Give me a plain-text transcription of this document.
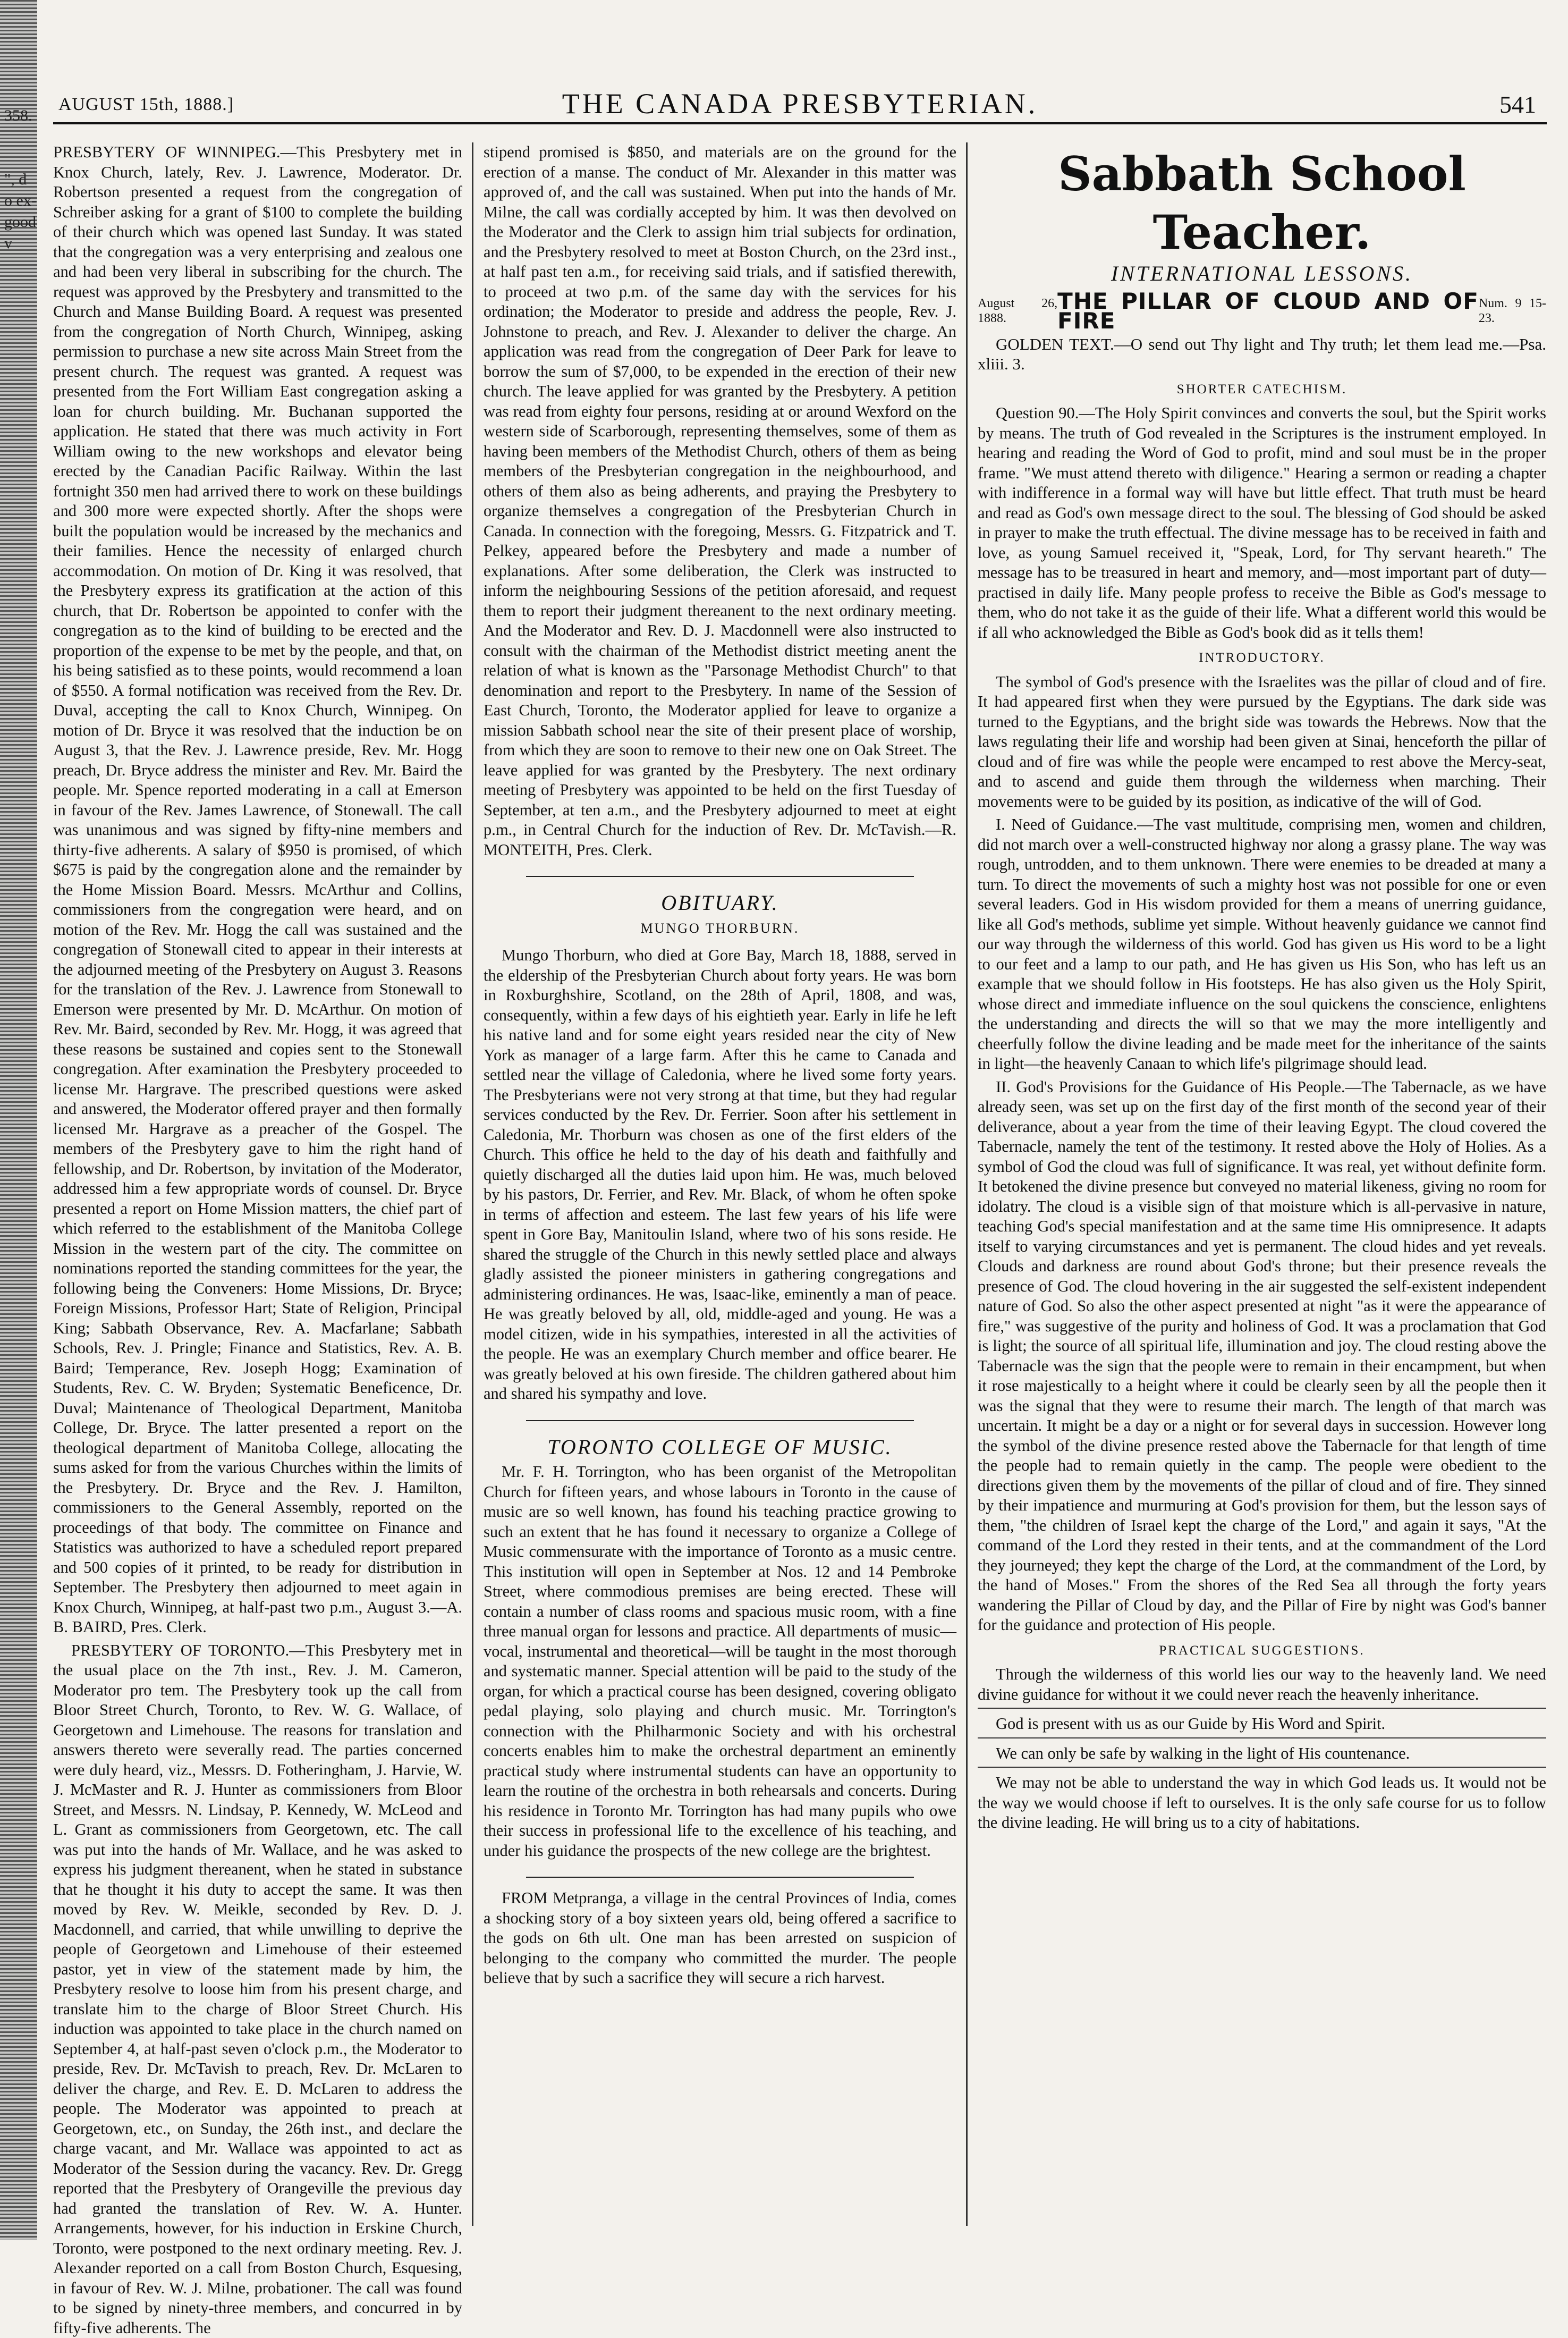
358.
", d
o ex-
good
v
AUGUST 15th, 1888.]	THE CANADA PRESBYTERIAN.	541

PRESBYTERY OF WINNIPEG.—This Presbytery met in Knox Church, lately, Rev. J. Lawrence, Moderator. Dr. Robertson presented a request from the congregation of Schreiber asking for a grant of $100 to complete the building of their church which was opened last Sunday. It was stated that the congregation was a very enterprising and zealous one and had been very liberal in subscribing for the church. The request was approved by the Presbytery and transmitted to the Church and Manse Building Board. A request was presented from the congregation of North Church, Winnipeg, asking permission to purchase a new site across Main Street from the present church. The request was granted. A request was presented from the Fort William East congregation asking a loan for church building. Mr. Buchanan supported the application. He stated that there was much activity in Fort William owing to the new workshops and elevator being erected by the Canadian Pacific Railway. Within the last fortnight 350 men had arrived there to work on these buildings and 300 more were expected shortly. After the shops were built the population would be increased by the mechanics and their families. Hence the necessity of enlarged church accommodation. On motion of Dr. King it was resolved, that the Presbytery express its gratification at the action of this church, that Dr. Robertson be appointed to confer with the congregation as to the kind of building to be erected and the proportion of the expense to be met by the people, and that, on his being satisfied as to these points, would recommend a loan of $550. A formal notification was received from the Rev. Dr. Duval, accepting the call to Knox Church, Winnipeg. On motion of Dr. Bryce it was resolved that the induction be on August 3, that the Rev. J. Lawrence preside, Rev. Mr. Hogg preach, Dr. Bryce address the minister and Rev. Mr. Baird the people. Mr. Spence reported moderating in a call at Emerson in favour of the Rev. James Lawrence, of Stonewall. The call was unanimous and was signed by fifty-nine members and thirty-five adherents. A salary of $950 is promised, of which $675 is paid by the congregation alone and the remainder by the Home Mission Board. Messrs. McArthur and Collins, commissioners from the congregation were heard, and on motion of the Rev. Mr. Hogg the call was sustained and the congregation of Stonewall cited to appear in their interests at the adjourned meeting of the Presbytery on August 3. Reasons for the translation of the Rev. J. Lawrence from Stonewall to Emerson were presented by Mr. D. McArthur. On motion of Rev. Mr. Baird, seconded by Rev. Mr. Hogg, it was agreed that these reasons be sustained and copies sent to the Stonewall congregation. After examination the Presbytery proceeded to license Mr. Hargrave. The prescribed questions were asked and answered, the Moderator offered prayer and then formally licensed Mr. Hargrave as a preacher of the Gospel. The members of the Presbytery gave to him the right hand of fellowship, and Dr. Robertson, by invitation of the Moderator, addressed him a few appropriate words of counsel. Dr. Bryce presented a report on Home Mission matters, the chief part of which referred to the establishment of the Manitoba College Mission in the western part of the city. The committee on nominations reported the standing committees for the year, the following being the Conveners: Home Missions, Dr. Bryce; Foreign Missions, Professor Hart; State of Religion, Principal King; Sabbath Observance, Rev. A. Macfarlane; Sabbath Schools, Rev. J. Pringle; Finance and Statistics, Rev. A. B. Baird; Temperance, Rev. Joseph Hogg; Examination of Students, Rev. C. W. Bryden; Systematic Beneficence, Dr. Duval; Maintenance of Theological Department, Manitoba College, Dr. Bryce. The latter presented a report on the theological department of Manitoba College, allocating the sums asked for from the various Churches within the limits of the Presbytery. Dr. Bryce and the Rev. J. Hamilton, commissioners to the General Assembly, reported on the proceedings of that body. The committee on Finance and Statistics was authorized to have a scheduled report prepared and 500 copies of it printed, to be ready for distribution in September. The Presbytery then adjourned to meet again in Knox Church, Winnipeg, at half-past two p.m., August 3.—A. B. BAIRD, Pres. Clerk.

PRESBYTERY OF TORONTO.—This Presbytery met in the usual place on the 7th inst., Rev. J. M. Cameron, Moderator pro tem. The Presbytery took up the call from Bloor Street Church, Toronto, to Rev. W. G. Wallace, of Georgetown and Limehouse. The reasons for translation and answers thereto were severally read. The parties concerned were duly heard, viz., Messrs. D. Fotheringham, J. Harvie, W. J. McMaster and R. J. Hunter as commissioners from Bloor Street, and Messrs. N. Lindsay, P. Kennedy, W. McLeod and L. Grant as commissioners from Georgetown, etc. The call was put into the hands of Mr. Wallace, and he was asked to express his judgment thereanent, when he stated in substance that he thought it his duty to accept the same. It was then moved by Rev. W. Meikle, seconded by Rev. D. J. Macdonnell, and carried, that while unwilling to deprive the people of Georgetown and Limehouse of their esteemed pastor, yet in view of the statement made by him, the Presbytery resolve to loose him from his present charge, and translate him to the charge of Bloor Street Church. His induction was appointed to take place in the church named on September 4, at half-past seven o'clock p.m., the Moderator to preside, Rev. Dr. McTavish to preach, Rev. Dr. McLaren to deliver the charge, and Rev. E. D. McLaren to address the people. The Moderator was appointed to preach at Georgetown, etc., on Sunday, the 26th inst., and declare the charge vacant, and Mr. Wallace was appointed to act as Moderator of the Session during the vacancy. Rev. Dr. Gregg reported that the Presbytery of Orangeville the previous day had granted the translation of Rev. W. A. Hunter. Arrangements, however, for his induction in Erskine Church, Toronto, were postponed to the next ordinary meeting. Rev. J. Alexander reported on a call from Boston Church, Esquesing, in favour of Rev. W. J. Milne, probationer. The call was found to be signed by ninety-three members, and concurred in by fifty-five adherents. The

stipend promised is $850, and materials are on the ground for the erection of a manse. The conduct of Mr. Alexander in this matter was approved of, and the call was sustained. When put into the hands of Mr. Milne, the call was cordially accepted by him. It was then devolved on the Moderator and the Clerk to assign him trial subjects for ordination, and the Presbytery resolved to meet at Boston Church, on the 23rd inst., at half past ten a.m., for receiving said trials, and if satisfied therewith, to proceed at two p.m. of the same day with the services for his ordination; the Moderator to preside and address the people, Rev. J. Johnstone to preach, and Rev. J. Alexander to deliver the charge. An application was read from the congregation of Deer Park for leave to borrow the sum of $7,000, to be expended in the erection of their new church. The leave applied for was granted by the Presbytery. A petition was read from eighty four persons, residing at or around Wexford on the western side of Scarborough, representing themselves, some of them as having been members of the Methodist Church, others of them as being members of the Presbyterian congregation in the neighbourhood, and others of them also as being adherents, and praying the Presbytery to organize themselves a congregation of the Presbyterian Church in Canada. In connection with the foregoing, Messrs. G. Fitzpatrick and T. Pelkey, appeared before the Presbytery and made a number of explanations. After some deliberation, the Clerk was instructed to inform the neighbouring Sessions of the petition aforesaid, and request them to report their judgment thereanent to the next ordinary meeting. And the Moderator and Rev. D. J. Macdonnell were also instructed to consult with the chairman of the Methodist district meeting anent the relation of what is known as the "Parsonage Methodist Church" to that denomination and report to the Presbytery. In name of the Session of East Church, Toronto, the Moderator applied for leave to organize a mission Sabbath school near the site of their present place of worship, from which they are soon to remove to their new one on Oak Street. The leave applied for was granted by the Presbytery. The next ordinary meeting of Presbytery was appointed to be held on the first Tuesday of September, at ten a.m., and the Presbytery adjourned to meet at eight p.m., in Central Church for the induction of Rev. Dr. McTavish.—R. MONTEITH, Pres. Clerk.

OBITUARY.
MUNGO THORBURN.

Mungo Thorburn, who died at Gore Bay, March 18, 1888, served in the eldership of the Presbyterian Church about forty years. He was born in Roxburghshire, Scotland, on the 28th of April, 1808, and was, consequently, within a few days of his eightieth year. Early in life he left his native land and for some eight years resided near the city of New York as manager of a large farm. After this he came to Canada and settled near the village of Caledonia, where he lived some forty years. The Presbyterians were not very strong at that time, but they had regular services conducted by the Rev. Dr. Ferrier. Soon after his settlement in Caledonia, Mr. Thorburn was chosen as one of the first elders of the Church. This office he held to the day of his death and faithfully and quietly discharged all the duties laid upon him. He was, much beloved by his pastors, Dr. Ferrier, and Rev. Mr. Black, of whom he often spoke in terms of affection and esteem. The last few years of his life were spent in Gore Bay, Manitoulin Island, where two of his sons reside. He shared the struggle of the Church in this newly settled place and always gladly assisted the pioneer ministers in gathering congregations and administering ordinances. He was, Isaac-like, eminently a man of peace. He was greatly beloved by all, old, middle-aged and young. He was a model citizen, wide in his sympathies, interested in all the activities of the people. He was an exemplary Church member and office bearer. He was greatly beloved at his own fireside. The children gathered about him and shared his sympathy and love.

TORONTO COLLEGE OF MUSIC.

Mr. F. H. Torrington, who has been organist of the Metropolitan Church for fifteen years, and whose labours in Toronto in the cause of music are so well known, has found his teaching practice growing to such an extent that he has found it necessary to organize a College of Music commensurate with the importance of Toronto as a music centre. This institution will open in September at Nos. 12 and 14 Pembroke Street, where commodious premises are being erected. These will contain a number of class rooms and spacious music room, with a fine three manual organ for lessons and practice. All departments of music—vocal, instrumental and theoretical—will be taught in the most thorough and systematic manner. Special attention will be paid to the study of the organ, for which a practical course has been designed, covering obligato pedal playing, solo playing and church music. Mr. Torrington's connection with the Philharmonic Society and with his orchestral concerts enables him to make the orchestral department an eminently practical study where instrumental students can have an opportunity to learn the routine of the orchestra in both rehearsals and concerts. During his residence in Toronto Mr. Torrington has had many pupils who owe their success in professional life to the excellence of his teaching, and under his guidance the prospects of the new college are the brightest.

FROM Metpranga, a village in the central Provinces of India, comes a shocking story of a boy sixteen years old, being offered a sacrifice to the gods on 6th ult. One man has been arrested on suspicion of belonging to the company who committed the murder. The people believe that by such a sacrifice they will secure a rich harvest.

Sabbath School Teacher.
INTERNATIONAL LESSONS.
August 26, 1888.
THE PILLAR OF CLOUD AND OF FIRE
Num. 9 15-23.

GOLDEN TEXT.—O send out Thy light and Thy truth; let them lead me.—Psa. xliii. 3.

SHORTER CATECHISM.

Question 90.—The Holy Spirit convinces and converts the soul, but the Spirit works by means. The truth of God revealed in the Scriptures is the instrument employed. In hearing and reading the Word of God to profit, mind and soul must be in the proper frame. "We must attend thereto with diligence." Hearing a sermon or reading a chapter with indifference in a formal way will have but little effect. That truth must be heard and read as God's own message direct to the soul. The blessing of God should be asked in prayer to make the truth effectual. The divine message has to be received in faith and love, as young Samuel received it, "Speak, Lord, for Thy servant heareth." The message has to be treasured in heart and memory, and—most important part of duty—practised in daily life. Many people profess to receive the Bible as God's message to them, who do not take it as the guide of their life. What a different world this would be if all who acknowledged the Bible as God's book did as it tells them!

INTRODUCTORY.

The symbol of God's presence with the Israelites was the pillar of cloud and of fire. It had appeared first when they were pursued by the Egyptians. The dark side was turned to the Egyptians, and the bright side was towards the Hebrews. Now that the laws regulating their life and worship had been given at Sinai, henceforth the pillar of cloud and of fire was while the people were encamped to rest above the Mercy-seat, and to ascend and guide them through the wilderness when marching. Their movements were to be guided by its position, as indicative of the will of God.

I. Need of Guidance.—The vast multitude, comprising men, women and children, did not march over a well-constructed highway nor along a grassy plane. The way was rough, untrodden, and to them unknown. There were enemies to be dreaded at many a turn. To direct the movements of such a mighty host was not possible for one or even several leaders. God in His wisdom provided for them a means of unerring guidance, like all God's methods, sublime yet simple. Without heavenly guidance we cannot find our way through the wilderness of this world. God has given us His word to be a light to our feet and a lamp to our path, and He has given us His Son, who has left us an example that we should follow in His footsteps. He has also given us the Holy Spirit, whose direct and immediate influence on the soul quickens the conscience, enlightens the understanding and directs the will so that we may the more intelligently and cheerfully follow the divine leading and be made meet for the inheritance of the saints in light—the heavenly Canaan to which life's pilgrimage should lead.

II. God's Provisions for the Guidance of His People.—The Tabernacle, as we have already seen, was set up on the first day of the first month of the second year of their deliverance, about a year from the time of their leaving Egypt. The cloud covered the Tabernacle, namely the tent of the testimony. It rested above the Holy of Holies. As a symbol of God the cloud was full of significance. It was real, yet without definite form. It betokened the divine presence but conveyed no material likeness, giving no room for idolatry. The cloud is a visible sign of that moisture which is all-pervasive in nature, teaching God's special manifestation and at the same time His omnipresence. It adapts itself to varying circumstances and yet is permanent. The cloud hides and yet reveals. Clouds and darkness are round about God's throne; but their presence reveals the presence of God. The cloud hovering in the air suggested the self-existent independent nature of God. So also the other aspect presented at night "as it were the appearance of fire," was suggestive of the purity and holiness of God. It was a proclamation that God is light; the source of all spiritual life, illumination and joy. The cloud resting above the Tabernacle was the sign that the people were to remain in their encampment, but when it rose majestically to a height where it could be clearly seen by all the people then it was the signal that they were to resume their march. The length of that march was uncertain. It might be a day or a night or for several days in succession. However long the symbol of the divine presence rested above the Tabernacle for that length of time the people had to remain quietly in the camp. The people were obedient to the directions given them by the movements of the pillar of cloud and of fire. They sinned by their impatience and murmuring at God's provision for them, but the lesson says of them, "the children of Israel kept the charge of the Lord," and again it says, "At the command of the Lord they rested in their tents, and at the commandment of the Lord they journeyed; they kept the charge of the Lord, at the commandment of the Lord, by the hand of Moses." From the shores of the Red Sea all through the forty years wandering the Pillar of Cloud by day, and the Pillar of Fire by night was God's banner for the guidance and protection of His people.

PRACTICAL SUGGESTIONS.

Through the wilderness of this world lies our way to the heavenly land. We need divine guidance for without it we could never reach the heavenly inheritance.

God is present with us as our Guide by His Word and Spirit.

We can only be safe by walking in the light of His countenance.

We may not be able to understand the way in which God leads us. It would not be the way we would choose if left to ourselves. It is the only safe course for us to follow the divine leading. He will bring us to a city of habitations.
